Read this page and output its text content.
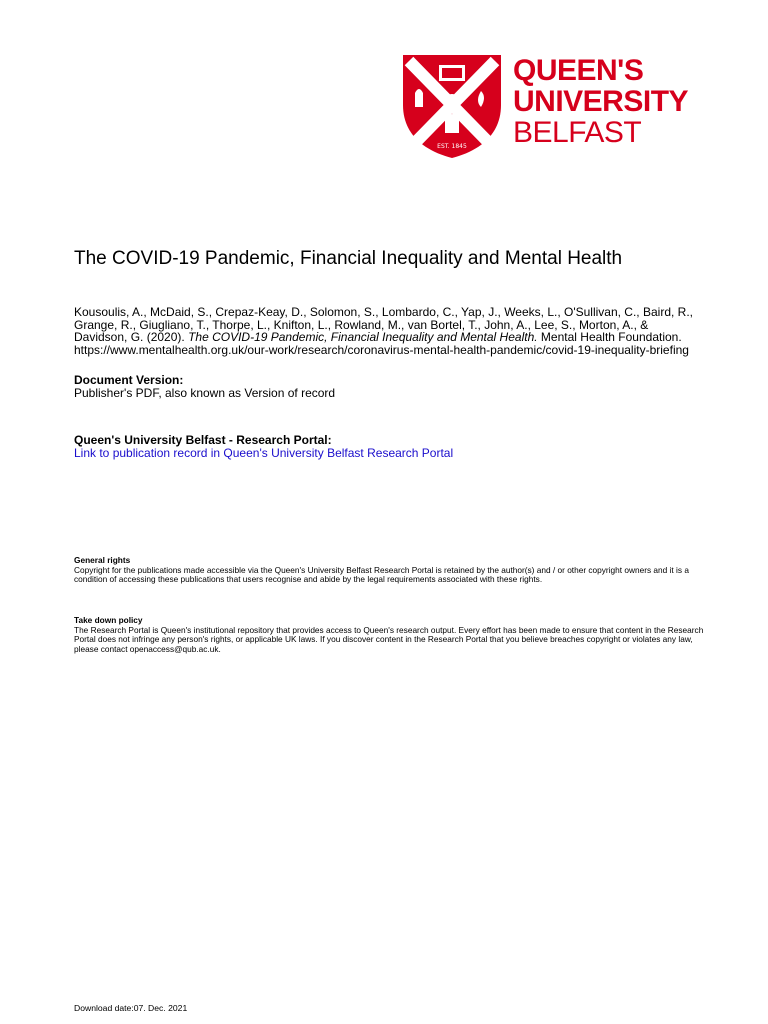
EST. 1845
QUEEN'S
UNIVERSITY
BELFAST
The COVID-19 Pandemic, Financial Inequality and Mental Health
Kousoulis, A., McDaid, S., Crepaz-Keay, D., Solomon, S., Lombardo, C., Yap, J., Weeks, L., O'Sullivan, C., Baird, R., Grange, R., Giugliano, T., Thorpe, L., Knifton, L., Rowland, M., van Bortel, T., John, A., Lee, S., Morton, A., & Davidson, G. (2020). The COVID-19 Pandemic, Financial Inequality and Mental Health. Mental Health Foundation. https://www.mentalhealth.org.uk/our-work/research/coronavirus-mental-health-pandemic/covid-19-inequality-briefing
Document Version:
Publisher's PDF, also known as Version of record
Queen's University Belfast - Research Portal:
Link to publication record in Queen's University Belfast Research Portal
General rights
Copyright for the publications made accessible via the Queen's University Belfast Research Portal is retained by the author(s) and / or other copyright owners and it is a condition of accessing these publications that users recognise and abide by the legal requirements associated with these rights.
Take down policy
The Research Portal is Queen's institutional repository that provides access to Queen's research output. Every effort has been made to ensure that content in the Research Portal does not infringe any person's rights, or applicable UK laws. If you discover content in the Research Portal that you believe breaches copyright or violates any law, please contact openaccess@qub.ac.uk.
Download date:07. Dec. 2021
